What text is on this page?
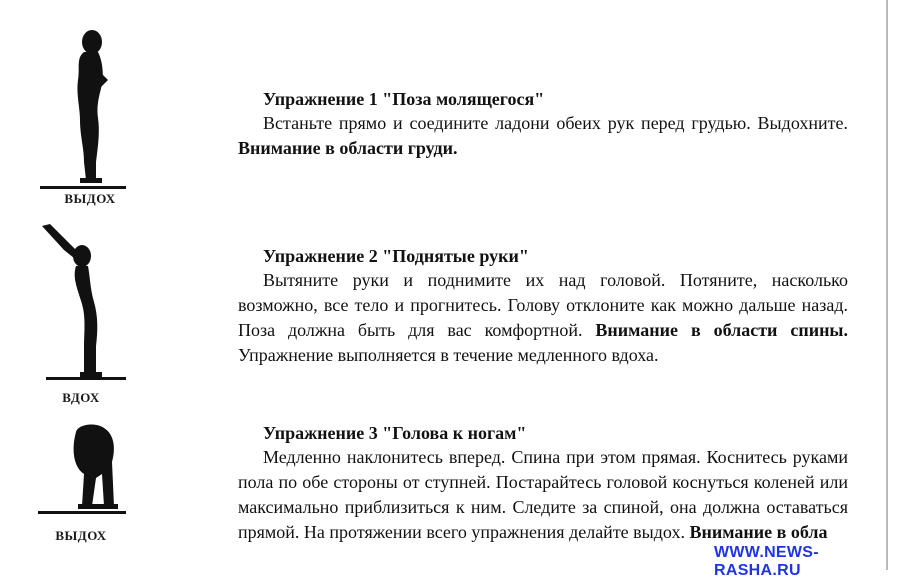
ВЫДОХ
ВДОХ
ВЫДОХ
Упражнение 1 "Поза молящегося"
Встаньте прямо и соедините ладони обеих рук перед грудью. Выдохните. Внимание в области груди.
Упражнение 2 "Поднятые руки"
Вытяните руки и поднимите их над головой. Потяните, насколько возможно, все тело и прогнитесь. Голову отклоните как можно дальше назад. Поза должна быть для вас комфортной. Внимание в области спины. Упражнение выполняется в течение медленного вдоха.
Упражнение 3 "Голова к ногам"
Медленно наклонитесь вперед. Спина при этом прямая. Коснитесь руками пола по обе стороны от ступней. Постарайтесь головой коснуться коленей или максимально приблизиться к ним. Следите за спиной, она должна оставаться прямой. На протяжении всего упражнения делайте выдох. Внимание в обла
WWW.NEWS-RASHA.RU
